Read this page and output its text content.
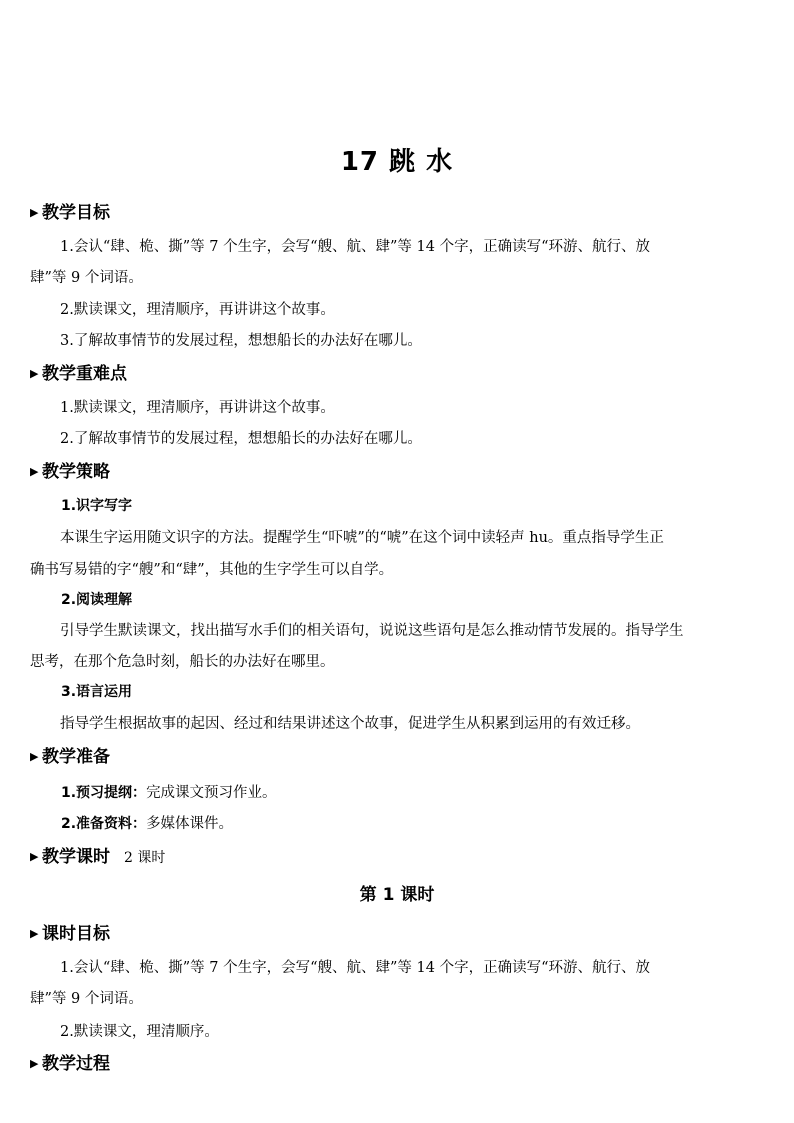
17 跳 水
▶ 教学目标
1.会认“肆、桅、撕”等 7 个生字，会写“艘、航、肆”等 14 个字，正确读写“环游、航行、放
肆”等 9 个词语。
2.默读课文，理清顺序，再讲讲这个故事。
3.了解故事情节的发展过程，想想船长的办法好在哪儿。
▶ 教学重难点
1.默读课文，理清顺序，再讲讲这个故事。
2.了解故事情节的发展过程，想想船长的办法好在哪儿。
▶ 教学策略
1.识字写字
本课生字运用随文识字的方法。提醒学生“吓唬”的“唬”在这个词中读轻声 hu。重点指导学生正
确书写易错的字“艘”和“肆”，其他的生字学生可以自学。
2.阅读理解
引导学生默读课文，找出描写水手们的相关语句，说说这些语句是怎么推动情节发展的。指导学生
思考，在那个危急时刻，船长的办法好在哪里。
3.语言运用
指导学生根据故事的起因、经过和结果讲述这个故事，促进学生从积累到运用的有效迁移。
▶ 教学准备
1.预习提纲：完成课文预习作业。
2.准备资料：多媒体课件。
▶ 教学课时 2 课时
第 1 课时
▶ 课时目标
1.会认“肆、桅、撕”等 7 个生字，会写“艘、航、肆”等 14 个字，正确读写“环游、航行、放
肆”等 9 个词语。
2.默读课文，理清顺序。
▶ 教学过程
